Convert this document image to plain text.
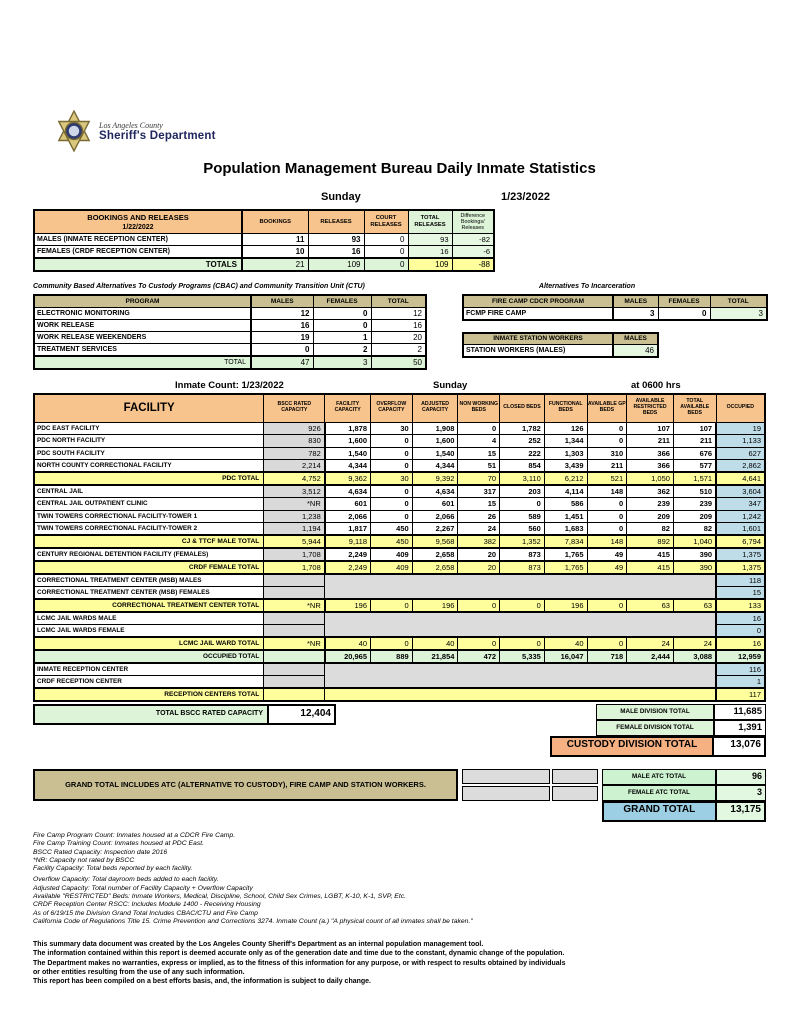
Los Angeles County
Sheriff's Department
Population Management Bureau Daily Inmate Statistics
Sunday	1/23/2022
BOOKINGS AND RELEASES
1/22/2022	BOOKINGS	RELEASES	COURT RELEASES	TOTAL RELEASES	Difference Bookings/ Releases
MALES (INMATE RECEPTION CENTER)	11	93	0	93	-82
FEMALES (CRDF RECEPTION CENTER)	10	16	0	16	-6
TOTALS	21	109	0	109	-88
Community Based Alternatives To Custody Programs (CBAC) and Community Transition Unit (CTU)
PROGRAM	MALES	FEMALES	TOTAL
ELECTRONIC MONITORING	12	0	12
WORK RELEASE	16	0	16
WORK RELEASE WEEKENDERS	19	1	20
TREATMENT SERVICES	0	2	2
TOTAL	47	3	50
Alternatives To Incarceration
FIRE CAMP CDCR PROGRAM	MALES	FEMALES	TOTAL
FCMP FIRE CAMP	3	0	3
INMATE STATION WORKERS	MALES
STATION WORKERS (MALES)	46
Inmate Count: 1/23/2022	Sunday	at 0600 hrs
FACILITY	BSCC RATED CAPACITY	FACILITY CAPACITY	OVERFLOW CAPACITY	ADJUSTED CAPACITY	NON WORKING BEDS	CLOSED BEDS	FUNCTIONAL BEDS	AVAILABLE GP BEDS	AVAILABLE RESTRICTED BEDS	TOTAL AVAILABLE BEDS	OCCUPIED
PDC EAST FACILITY	926	1,878	30	1,908	0	1,782	126	0	107	107	19
PDC NORTH FACILITY	830	1,600	0	1,600	4	252	1,344	0	211	211	1,133
PDC SOUTH FACILITY	782	1,540	0	1,540	15	222	1,303	310	366	676	627
NORTH COUNTY CORRECTIONAL FACILITY	2,214	4,344	0	4,344	51	854	3,439	211	366	577	2,862
PDC TOTAL	4,752	9,362	30	9,392	70	3,110	6,212	521	1,050	1,571	4,641
CENTRAL JAIL	3,512	4,634	0	4,634	317	203	4,114	148	362	510	3,604
CENTRAL JAIL OUTPATIENT CLINIC	*NR	601	0	601	15	0	586	0	239	239	347
TWIN TOWERS CORRECTIONAL FACILITY-TOWER 1	1,238	2,066	0	2,066	26	589	1,451	0	209	209	1,242
TWIN TOWERS CORRECTIONAL FACILITY-TOWER 2	1,194	1,817	450	2,267	24	560	1,683	0	82	82	1,601
CJ & TTCF MALE TOTAL	5,944	9,118	450	9,568	382	1,352	7,834	148	892	1,040	6,794
CENTURY REGIONAL DETENTION FACILITY (FEMALES)	1,708	2,249	409	2,658	20	873	1,765	49	415	390	1,375
CRDF FEMALE TOTAL	1,708	2,249	409	2,658	20	873	1,765	49	415	390	1,375
CORRECTIONAL TREATMENT CENTER (MSB) MALES											118
CORRECTIONAL TREATMENT CENTER (MSB) FEMALES											15
CORRECTIONAL TREATMENT CENTER TOTAL	*NR	196	0	196	0	0	196	0	63	63	133
LCMC JAIL WARDS MALE											16
LCMC JAIL WARDS FEMALE											0
LCMC JAIL WARD TOTAL	*NR	40	0	40	0	0	40	0	24	24	16
OCCUPIED TOTAL		20,965	889	21,854	472	5,335	16,047	718	2,444	3,088	12,959
INMATE RECEPTION CENTER											116
CRDF RECEPTION CENTER											1
RECEPTION CENTERS TOTAL											117
TOTAL BSCC RATED CAPACITY	12,404	MALE DIVISION TOTAL	11,685
FEMALE DIVISION TOTAL	1,391
CUSTODY DIVISION TOTAL	13,076
GRAND TOTAL INCLUDES ATC (ALTERNATIVE TO CUSTODY), FIRE CAMP AND STATION WORKERS.
MALE ATC TOTAL	96
FEMALE ATC TOTAL	3
GRAND TOTAL	13,175
Fire Camp Program Count: Inmates housed at a CDCR Fire Camp.
Fire Camp Training Count: Inmates housed at PDC East.
BSCC Rated Capacity: Inspection date 2016
*NR: Capacity not rated by BSCC
Facility Capacity: Total beds reported by each facility.
Overflow Capacity: Total dayroom beds added to each facility.
Adjusted Capacity: Total number of Facility Capacity + Overflow Capacity
Available "RESTRICTED" Beds: Inmate Workers, Medical, Discipline, School, Child Sex Crimes, LGBT, K-10, K-1, SVP, Etc.
CRDF Reception Center RSCC: Includes Module 1400 - Receiving Housing
As of 6/19/15 the Division Grand Total Includes CBAC/CTU and Fire Camp
California Code of Regulations Title 15. Crime Prevention and Corrections 3274. Inmate Count (a.) "A physical count of all inmates shall be taken."
This summary data document was created by the Los Angeles County Sheriff's Department as an internal population management tool.
The information contained within this report is deemed accurate only as of the generation date and time due to the constant, dynamic change of the population.
The Department makes no warranties, express or implied, as to the fitness of this information for any purpose, or with respect to results obtained by individuals
or other entities resulting from the use of any such information.
This report has been compiled on a best efforts basis, and, the information is subject to daily change.
